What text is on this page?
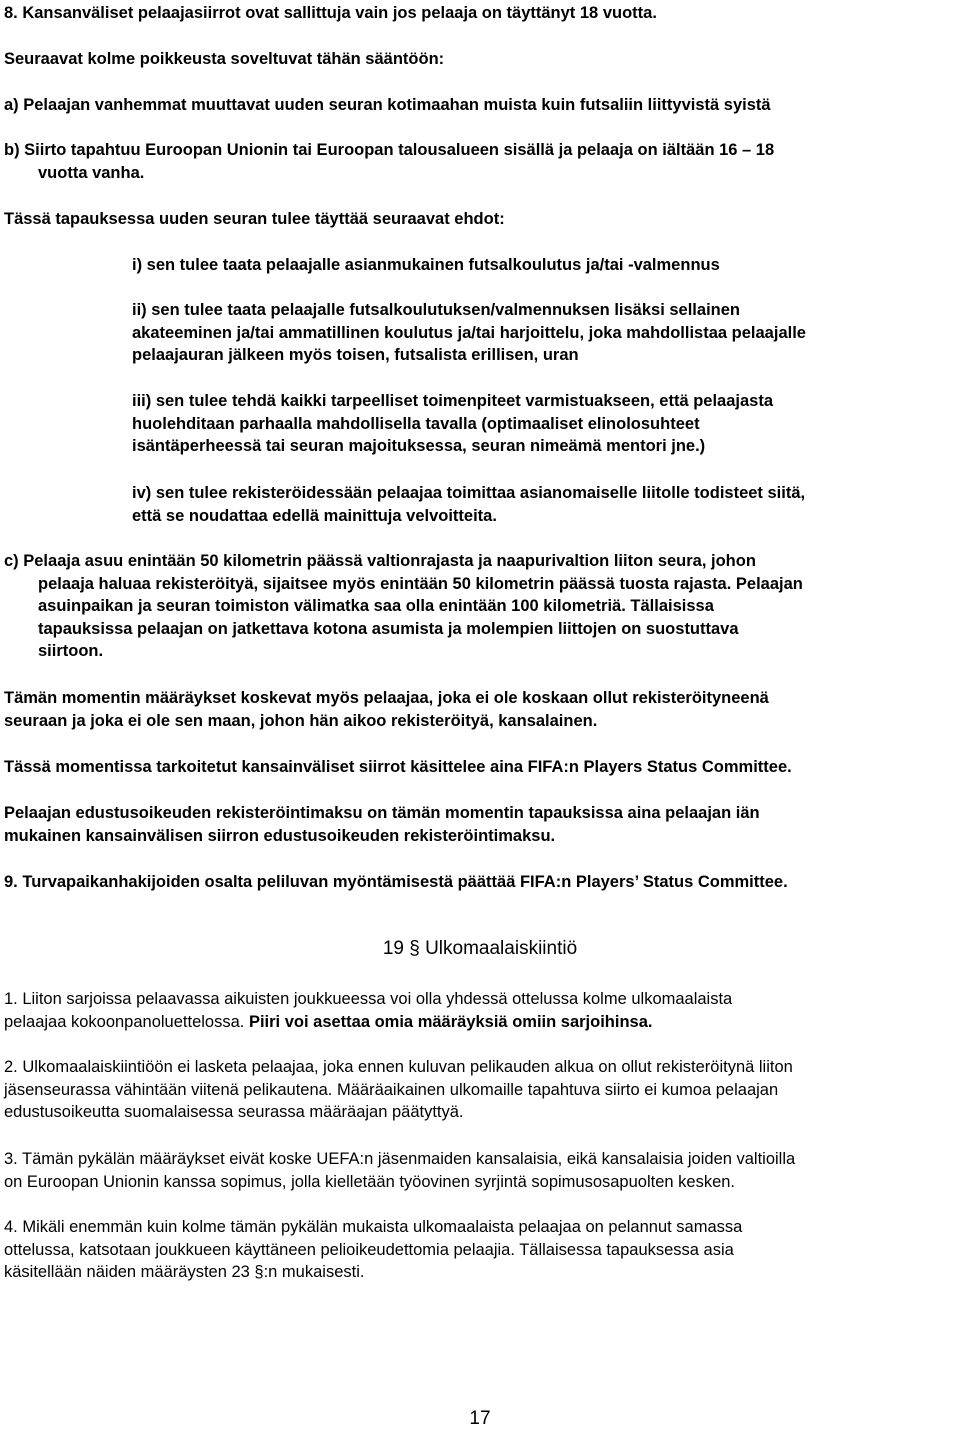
8. Kansanväliset pelaajasiirrot ovat sallittuja vain jos pelaaja on täyttänyt 18 vuotta.

Seuraavat kolme poikkeusta soveltuvat tähän sääntöön:

a) Pelaajan vanhemmat muuttavat uuden seuran kotimaahan muista kuin futsaliin liittyvistä syistä

b) Siirto tapahtuu Euroopan Unionin tai Euroopan talousalueen sisällä ja pelaaja on iältään 16 – 18
vuotta vanha.

Tässä tapauksessa uuden seuran tulee täyttää seuraavat ehdot:

i) sen tulee taata pelaajalle asianmukainen futsalkoulutus ja/tai -valmennus

ii) sen tulee taata pelaajalle futsalkoulutuksen/valmennuksen lisäksi sellainen
akateeminen ja/tai ammatillinen koulutus ja/tai harjoittelu, joka mahdollistaa pelaajalle
pelaajauran jälkeen myös toisen, futsalista erillisen, uran

iii) sen tulee tehdä kaikki tarpeelliset toimenpiteet varmistuakseen, että pelaajasta
huolehditaan parhaalla mahdollisella tavalla (optimaaliset elinolosuhteet
isäntäperheessä tai seuran majoituksessa, seuran nimeämä mentori jne.)

iv) sen tulee rekisteröidessään pelaajaa toimittaa asianomaiselle liitolle todisteet siitä,
että se noudattaa edellä mainittuja velvoitteita.

c) Pelaaja asuu enintään 50 kilometrin päässä valtionrajasta ja naapurivaltion liiton seura, johon
pelaaja haluaa rekisteröityä, sijaitsee myös enintään 50 kilometrin päässä tuosta rajasta. Pelaajan
asuinpaikan ja seuran toimiston välimatka saa olla enintään 100 kilometriä. Tällaisissa
tapauksissa pelaajan on jatkettava kotona asumista ja molempien liittojen on suostuttava
siirtoon.

Tämän momentin määräykset koskevat myös pelaajaa, joka ei ole koskaan ollut rekisteröityneenä
seuraan ja joka ei ole sen maan, johon hän aikoo rekisteröityä, kansalainen.

Tässä momentissa tarkoitetut kansainväliset siirrot käsittelee aina FIFA:n Players Status Committee.

Pelaajan edustusoikeuden rekisteröintimaksu on tämän momentin tapauksissa aina pelaajan iän
mukainen kansainvälisen siirron edustusoikeuden rekisteröintimaksu.

9. Turvapaikanhakijoiden osalta peliluvan myöntämisestä päättää FIFA:n Players’ Status Committee.

19 § Ulkomaalaiskiintiö

1. Liiton sarjoissa pelaavassa aikuisten joukkueessa voi olla yhdessä ottelussa kolme ulkomaalaista
pelaajaa kokoonpanoluettelossa. Piiri voi asettaa omia määräyksiä omiin sarjoihinsa.

2. Ulkomaalaiskiintiöön ei lasketa pelaajaa, joka ennen kuluvan pelikauden alkua on ollut rekisteröitynä liiton
jäsenseurassa vähintään viitenä pelikautena. Määräaikainen ulkomaille tapahtuva siirto ei kumoa pelaajan
edustusoikeutta suomalaisessa seurassa määräajan päätyttyä.

3. Tämän pykälän määräykset eivät koske UEFA:n jäsenmaiden kansalaisia, eikä kansalaisia joiden valtioilla
on Euroopan Unionin kanssa sopimus, jolla kielletään työovinen syrjintä sopimusosapuolten kesken.

4. Mikäli enemmän kuin kolme tämän pykälän mukaista ulkomaalaista pelaajaa on pelannut samassa
ottelussa, katsotaan joukkueen käyttäneen pelioikeudettomia pelaajia. Tällaisessa tapauksessa asia
käsitellään näiden määräysten 23 §:n mukaisesti.

17
